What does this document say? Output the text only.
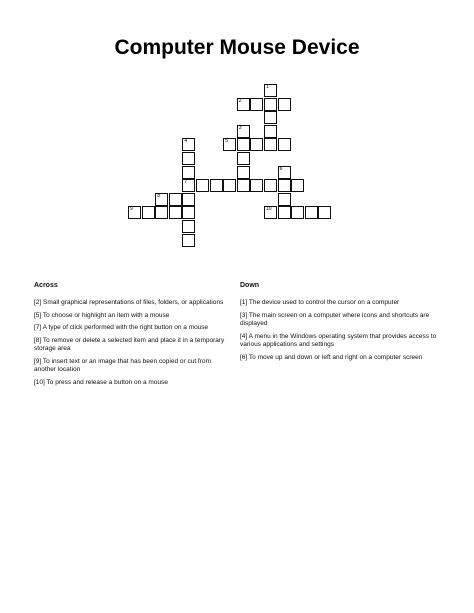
Computer Mouse Device
1
2
3
4	5
6
7
8
9	10
Across
[2] Small graphical representations of files, folders, or applications
[5] To choose or highlight an item with a mouse
[7] A type of click performed with the right button on a mouse
[8] To remove or delete a selected item and place it in a temporary storage area
[9] To insert text or an image that has been copied or cut from another location
[10] To press and release a button on a mouse
Down
[1] The device used to control the cursor on a computer
[3] The main screen on a computer where icons and shortcuts are displayed
[4] A menu in the Windows operating system that provides access to various applications and settings
[6] To move up and down or left and right on a computer screen
